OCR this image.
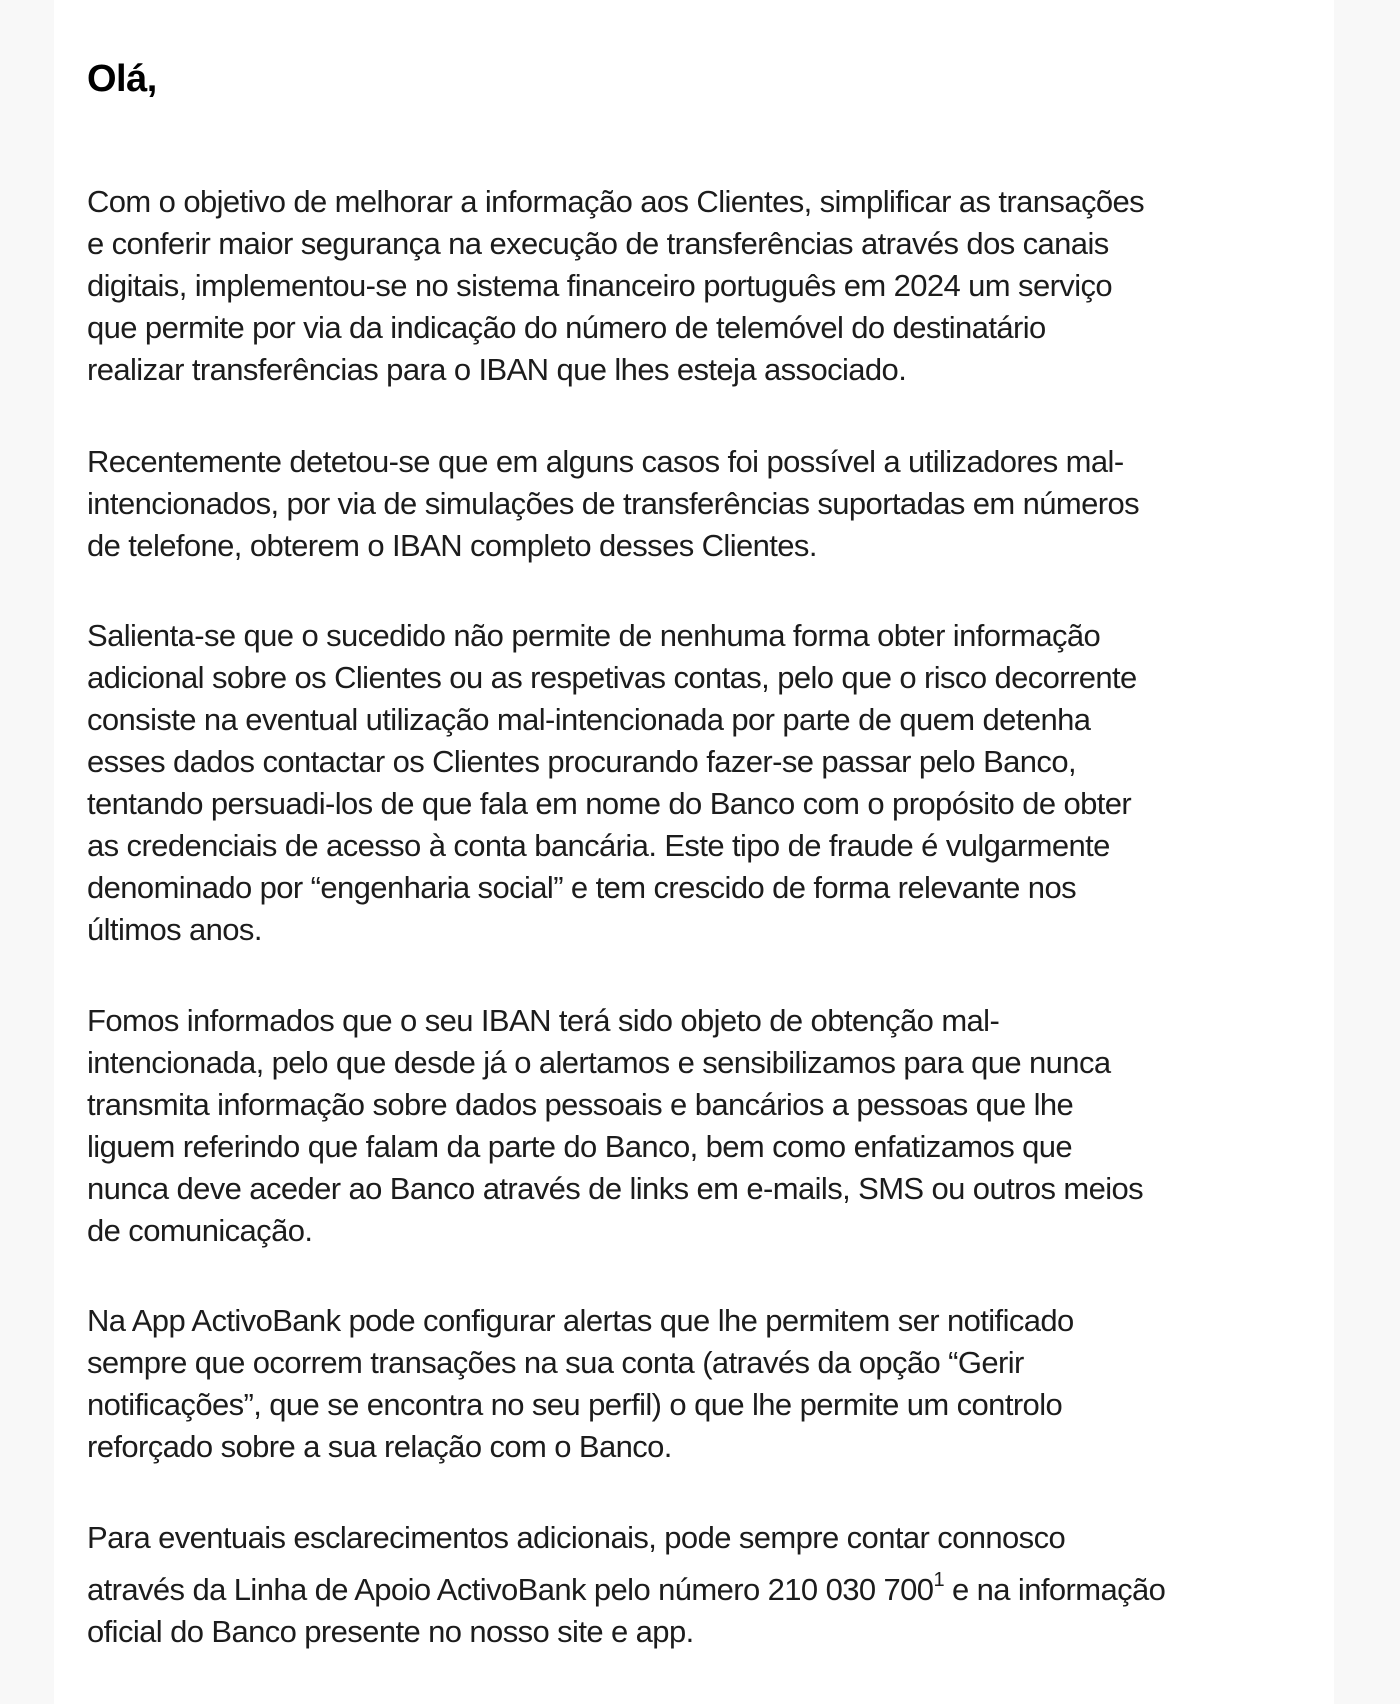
Olá,

Com o objetivo de melhorar a informação aos Clientes, simplificar as transações
e conferir maior segurança na execução de transferências através dos canais
digitais, implementou-se no sistema financeiro português em 2024 um serviço
que permite por via da indicação do número de telemóvel do destinatário
realizar transferências para o IBAN que lhes esteja associado.

Recentemente detetou-se que em alguns casos foi possível a utilizadores mal-
intencionados, por via de simulações de transferências suportadas em números
de telefone, obterem o IBAN completo desses Clientes.

Salienta-se que o sucedido não permite de nenhuma forma obter informação
adicional sobre os Clientes ou as respetivas contas, pelo que o risco decorrente
consiste na eventual utilização mal-intencionada por parte de quem detenha
esses dados contactar os Clientes procurando fazer-se passar pelo Banco,
tentando persuadi-los de que fala em nome do Banco com o propósito de obter
as credenciais de acesso à conta bancária. Este tipo de fraude é vulgarmente
denominado por “engenharia social” e tem crescido de forma relevante nos
últimos anos.

Fomos informados que o seu IBAN terá sido objeto de obtenção mal-
intencionada, pelo que desde já o alertamos e sensibilizamos para que nunca
transmita informação sobre dados pessoais e bancários a pessoas que lhe
liguem referindo que falam da parte do Banco, bem como enfatizamos que
nunca deve aceder ao Banco através de links em e-mails, SMS ou outros meios
de comunicação.

Na App ActivoBank pode configurar alertas que lhe permitem ser notificado
sempre que ocorrem transações na sua conta (através da opção “Gerir
notificações”, que se encontra no seu perfil) o que lhe permite um controlo
reforçado sobre a sua relação com o Banco.

Para eventuais esclarecimentos adicionais, pode sempre contar connosco
através da Linha de Apoio ActivoBank pelo número 210 030 700$^1$ e na informação
oficial do Banco presente no nosso site e app.
